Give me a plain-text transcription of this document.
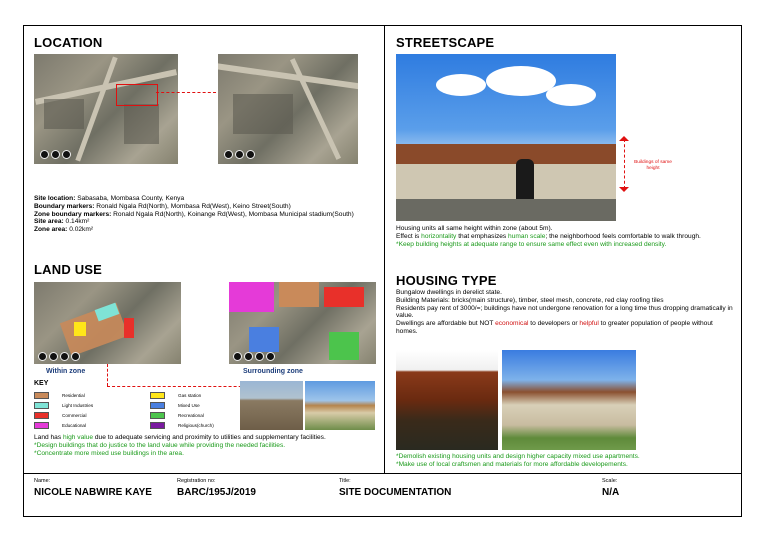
LOCATION
Site location: Sabasaba, Mombasa County, Kenya
Boundary markers: Ronald Ngala Rd(North), Mombasa Rd(West), Keino Street(South)
Zone boundary markers: Ronald Ngala Rd(North), Koinange Rd(West), Mombasa Municipal stadium(South)
Site area: 0.14km²
Zone area: 0.02km²
LAND USE
Within zone	Surrounding zone
KEY
Residential
Light Industries
Commercial
Educational
Gas station
Mixed Use
Recreational
Religious(church)
Land has high value due to adequate servicing and proximity to utilities and supplementary facilities.
*Design buildings that do justice to the land value while providing the needed facilities.
*Concentrate more mixed use buildings in the area.
STREETSCAPE
Buildings of same height
Housing units all same height within zone (about 5m).
Effect is horizontality that emphasizes human scale; the neighborhood feels comfortable to walk through.
*Keep building heights at adequate range to ensure same effect even with increased density.
HOUSING TYPE
Bungalow dwellings in derelict state.
Building Materials: bricks(main structure), timber, steel mesh, concrete, red clay roofing tiles
Residents pay rent of 3000/=; buildings have not undergone renovation for a long time thus dropping dramatically in value.
Dwellings are affordable but NOT economical to developers or helpful to greater population of people without homes.
*Demolish existing housing units and design higher capacity mixed use apartments.
*Make use of local craftsmen and materials for more affordable developements.
Name:
NICOLE NABWIRE KAYE
Registration no:
BARC/195J/2019
Title:
SITE DOCUMENTATION
Scale:
N/A
